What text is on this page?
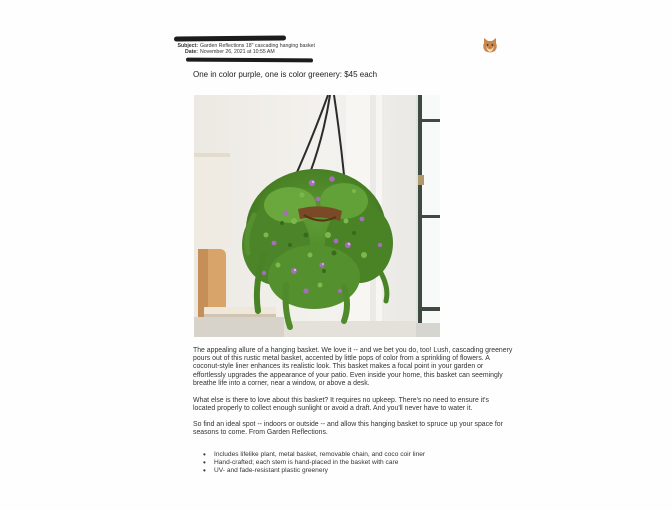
Subject: Garden Reflections 18" cascading hanging basket
Date: November 26, 2021 at 10:55 AM
One in color purple, one is color greenery: $45 each

The appealing allure of a hanging basket. We love it -- and we bet you do, too! Lush, cascading greenery pours out of this rustic metal basket, accented by little pops of color from a sprinkling of flowers. A coconut-style liner enhances its realistic look. This basket makes a focal point in your garden or effortlessly upgrades the appearance of your patio. Even inside your home, this basket can seemingly breathe life into a corner, near a window, or above a desk.

What else is there to love about this basket? It requires no upkeep. There's no need to ensure it's located properly to collect enough sunlight or avoid a draft. And you'll never have to water it.

So find an ideal spot -- indoors or outside -- and allow this hanging basket to spruce up your space for seasons to come. From Garden Reflections.

• Includes lifelike plant, metal basket, removable chain, and coco coir liner
• Hand-crafted; each stem is hand-placed in the basket with care
• UV- and fade-resistant plastic greenery
